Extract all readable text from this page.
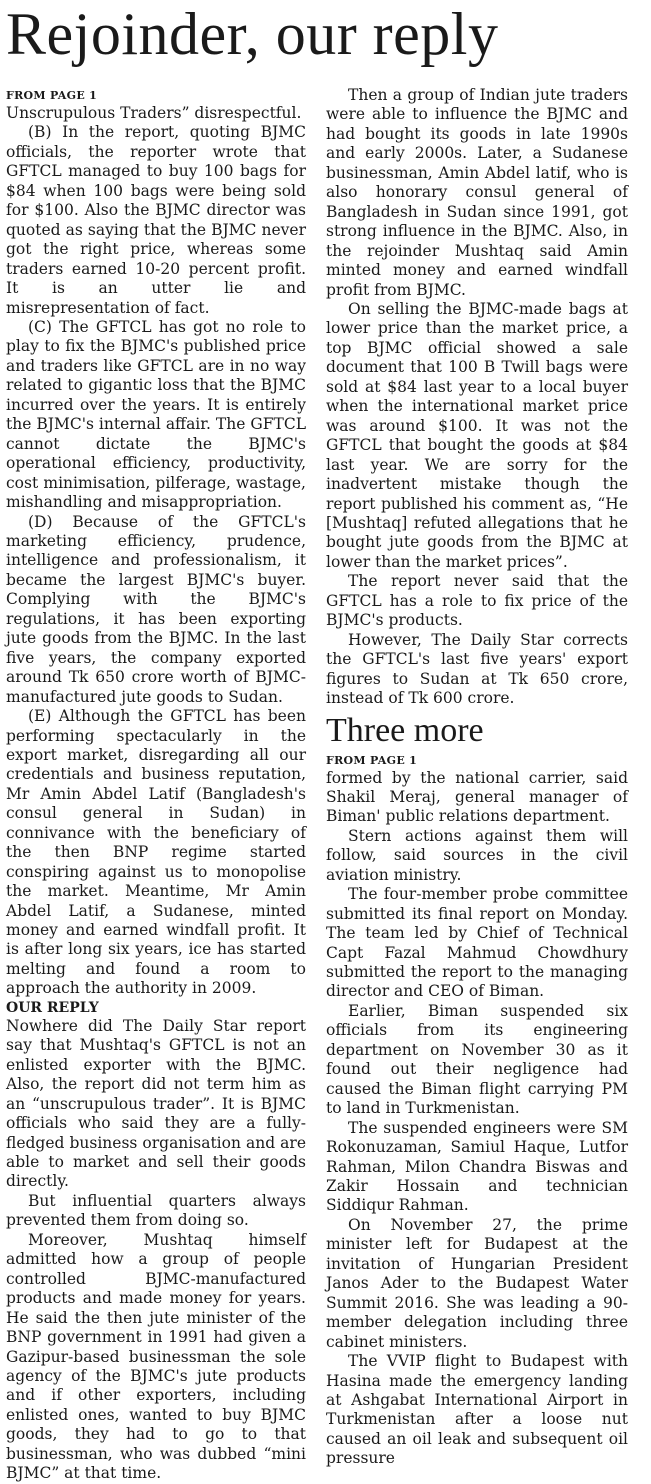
Rejoinder, our reply
FROM PAGE 1

Unscrupulous Traders” disrespectful.

(B) In the report, quoting BJMC officials, the reporter wrote that GFTCL managed to buy 100 bags for $84 when 100 bags were being sold for $100. Also the BJMC director was quoted as saying that the BJMC never got the right price, whereas some traders earned 10-20 percent profit. It is an utter lie and misrepresentation of fact.

(C) The GFTCL has got no role to play to fix the BJMC's published price and traders like GFTCL are in no way related to gigantic loss that the BJMC incurred over the years. It is entirely the BJMC's internal affair. The GFTCL cannot dictate the BJMC's operational efficiency, productivity, cost minimisation, pilferage, wastage, mishandling and misappropriation.

(D) Because of the GFTCL's marketing efficiency, prudence, intelligence and professionalism, it became the largest BJMC's buyer. Complying with the BJMC's regulations, it has been exporting jute goods from the BJMC. In the last five years, the company exported around Tk 650 crore worth of BJMC-manufactured jute goods to Sudan.

(E) Although the GFTCL has been performing spectacularly in the export market, disregarding all our credentials and business reputation, Mr Amin Abdel Latif (Bangladesh's consul general in Sudan) in connivance with the beneficiary of the then BNP regime started conspiring against us to monopolise the market. Meantime, Mr Amin Abdel Latif, a Sudanese, minted money and earned windfall profit. It is after long six years, ice has started melting and found a room to approach the authority in 2009.

OUR REPLY

Nowhere did The Daily Star report say that Mushtaq's GFTCL is not an enlisted exporter with the BJMC. Also, the report did not term him as an “unscrupulous trader”. It is BJMC officials who said they are a fully-fledged business organisation and are able to market and sell their goods directly.

But influential quarters always prevented them from doing so.

Moreover, Mushtaq himself admitted how a group of people controlled BJMC-manufactured products and made money for years. He said the then jute minister of the BNP government in 1991 had given a Gazipur-based businessman the sole agency of the BJMC's jute products and if other exporters, including enlisted ones, wanted to buy BJMC goods, they had to go to that businessman, who was dubbed “mini BJMC” at that time.

Then a group of Indian jute traders were able to influence the BJMC and had bought its goods in late 1990s and early 2000s. Later, a Sudanese businessman, Amin Abdel latif, who is also honorary consul general of Bangladesh in Sudan since 1991, got strong influence in the BJMC. Also, in the rejoinder Mushtaq said Amin minted money and earned windfall profit from BJMC.

On selling the BJMC-made bags at lower price than the market price, a top BJMC official showed a sale document that 100 B Twill bags were sold at $84 last year to a local buyer when the international market price was around $100. It was not the GFTCL that bought the goods at $84 last year. We are sorry for the inadvertent mistake though the report published his comment as, “He [Mushtaq] refuted allegations that he bought jute goods from the BJMC at lower than the market prices”.

The report never said that the GFTCL has a role to fix price of the BJMC's products.

However, The Daily Star corrects the GFTCL's last five years' export figures to Sudan at Tk 650 crore, instead of Tk 600 crore.

Three more
FROM PAGE 1

formed by the national carrier, said Shakil Meraj, general manager of Biman' public relations department.

Stern actions against them will follow, said sources in the civil aviation ministry.

The four-member probe committee submitted its final report on Monday. The team led by Chief of Technical Capt Fazal Mahmud Chowdhury submitted the report to the managing director and CEO of Biman.

Earlier, Biman suspended six officials from its engineering department on November 30 as it found out their negligence had caused the Biman flight carrying PM to land in Turkmenistan.

The suspended engineers were SM Rokonuzaman, Samiul Haque, Lutfor Rahman, Milon Chandra Biswas and Zakir Hossain and technician Siddiqur Rahman.

On November 27, the prime minister left for Budapest at the invitation of Hungarian President Janos Ader to the Budapest Water Summit 2016. She was leading a 90-member delegation including three cabinet ministers.

The VVIP flight to Budapest with Hasina made the emergency landing at Ashgabat International Airport in Turkmenistan after a loose nut caused an oil leak and subsequent oil pressure
